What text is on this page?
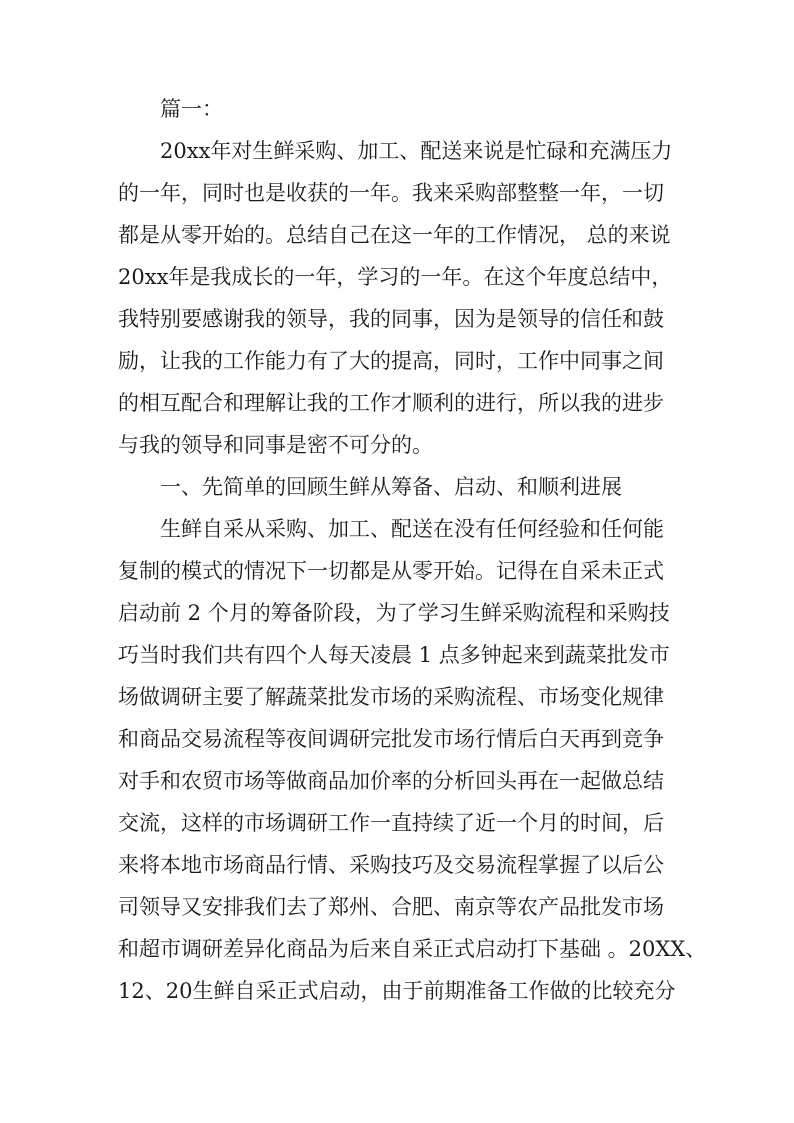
篇一：
20xx年对生鲜采购、加工、配送来说是忙碌和充满压力
的一年，同时也是收获的一年。我来采购部整整一年，一切
都是从零开始的。总结自己在这一年的工作情况， 总的来说
20xx年是我成长的一年，学习的一年。在这个年度总结中，
我特别要感谢我的领导，我的同事，因为是领导的信任和鼓
励，让我的工作能力有了大的提高，同时，工作中同事之间
的相互配合和理解让我的工作才顺利的进行，所以我的进步
与我的领导和同事是密不可分的。
一、先简单的回顾生鲜从筹备、启动、和顺利进展
生鲜自采从采购、加工、配送在没有任何经验和任何能
复制的模式的情况下一切都是从零开始。记得在自采未正式
启动前 2 个月的筹备阶段，为了学习生鲜采购流程和采购技
巧当时我们共有四个人每天凌晨 1 点多钟起来到蔬菜批发市
场做调研主要了解蔬菜批发市场的采购流程、市场变化规律
和商品交易流程等夜间调研完批发市场行情后白天再到竞争
对手和农贸市场等做商品加价率的分析回头再在一起做总结
交流，这样的市场调研工作一直持续了近一个月的时间，后
来将本地市场商品行情、采购技巧及交易流程掌握了以后公
司领导又安排我们去了郑州、合肥、南京等农产品批发市场
和超市调研差异化商品为后来自采正式启动打下基础 。20XX、
12、20生鲜自采正式启动，由于前期准备工作做的比较充分
